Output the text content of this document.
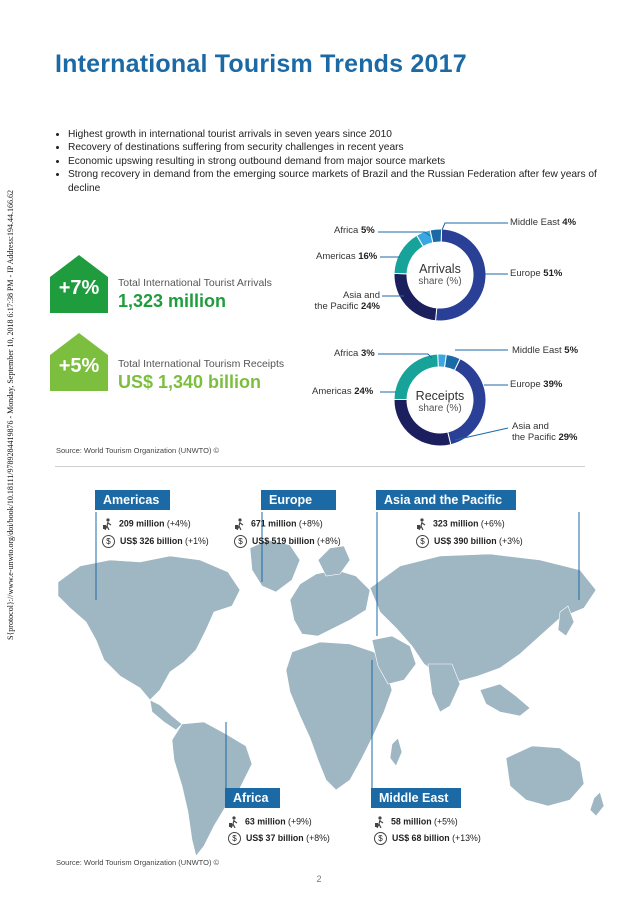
S{protocol}://www.e-unwto.org/doi/book/10.18111/9789284419876 - Monday, September 10, 2018 6:17:38 PM - IP Address:194.44.166.62
International Tourism Trends 2017
• Highest growth in international tourist arrivals in seven years since 2010
• Recovery of destinations suffering from security challenges in recent years
• Economic upswing resulting in strong outbound demand from major source markets
• Strong recovery in demand from the emerging source markets of Brazil and the Russian Federation after few years of decline
+7%	Total International Tourist Arrivals
1,323 million
+5%	Total International Tourism Receipts
US$ 1,340 billion
Arrivals
share (%)
Receipts
share (%)
Africa 5%
Americas 16%
Asia and
the Pacific 24%
Middle East 4%
Europe 51%
Africa 3%
Americas 24%
Middle East 5%
Europe 39%
Asia and
the Pacific 29%
Source: World Tourism Organization (UNWTO) ©
Americas
209 million (+4%)
$ US$ 326 billion (+1%)
Europe
671 million (+8%)
$ US$ 519 billion (+8%)
Asia and the Pacific
323 million (+6%)
$ US$ 390 billion (+3%)
Africa
63 million (+9%)
$ US$ 37 billion (+8%)
Middle East
58 million (+5%)
$ US$ 68 billion (+13%)
Source: World Tourism Organization (UNWTO) ©
2
